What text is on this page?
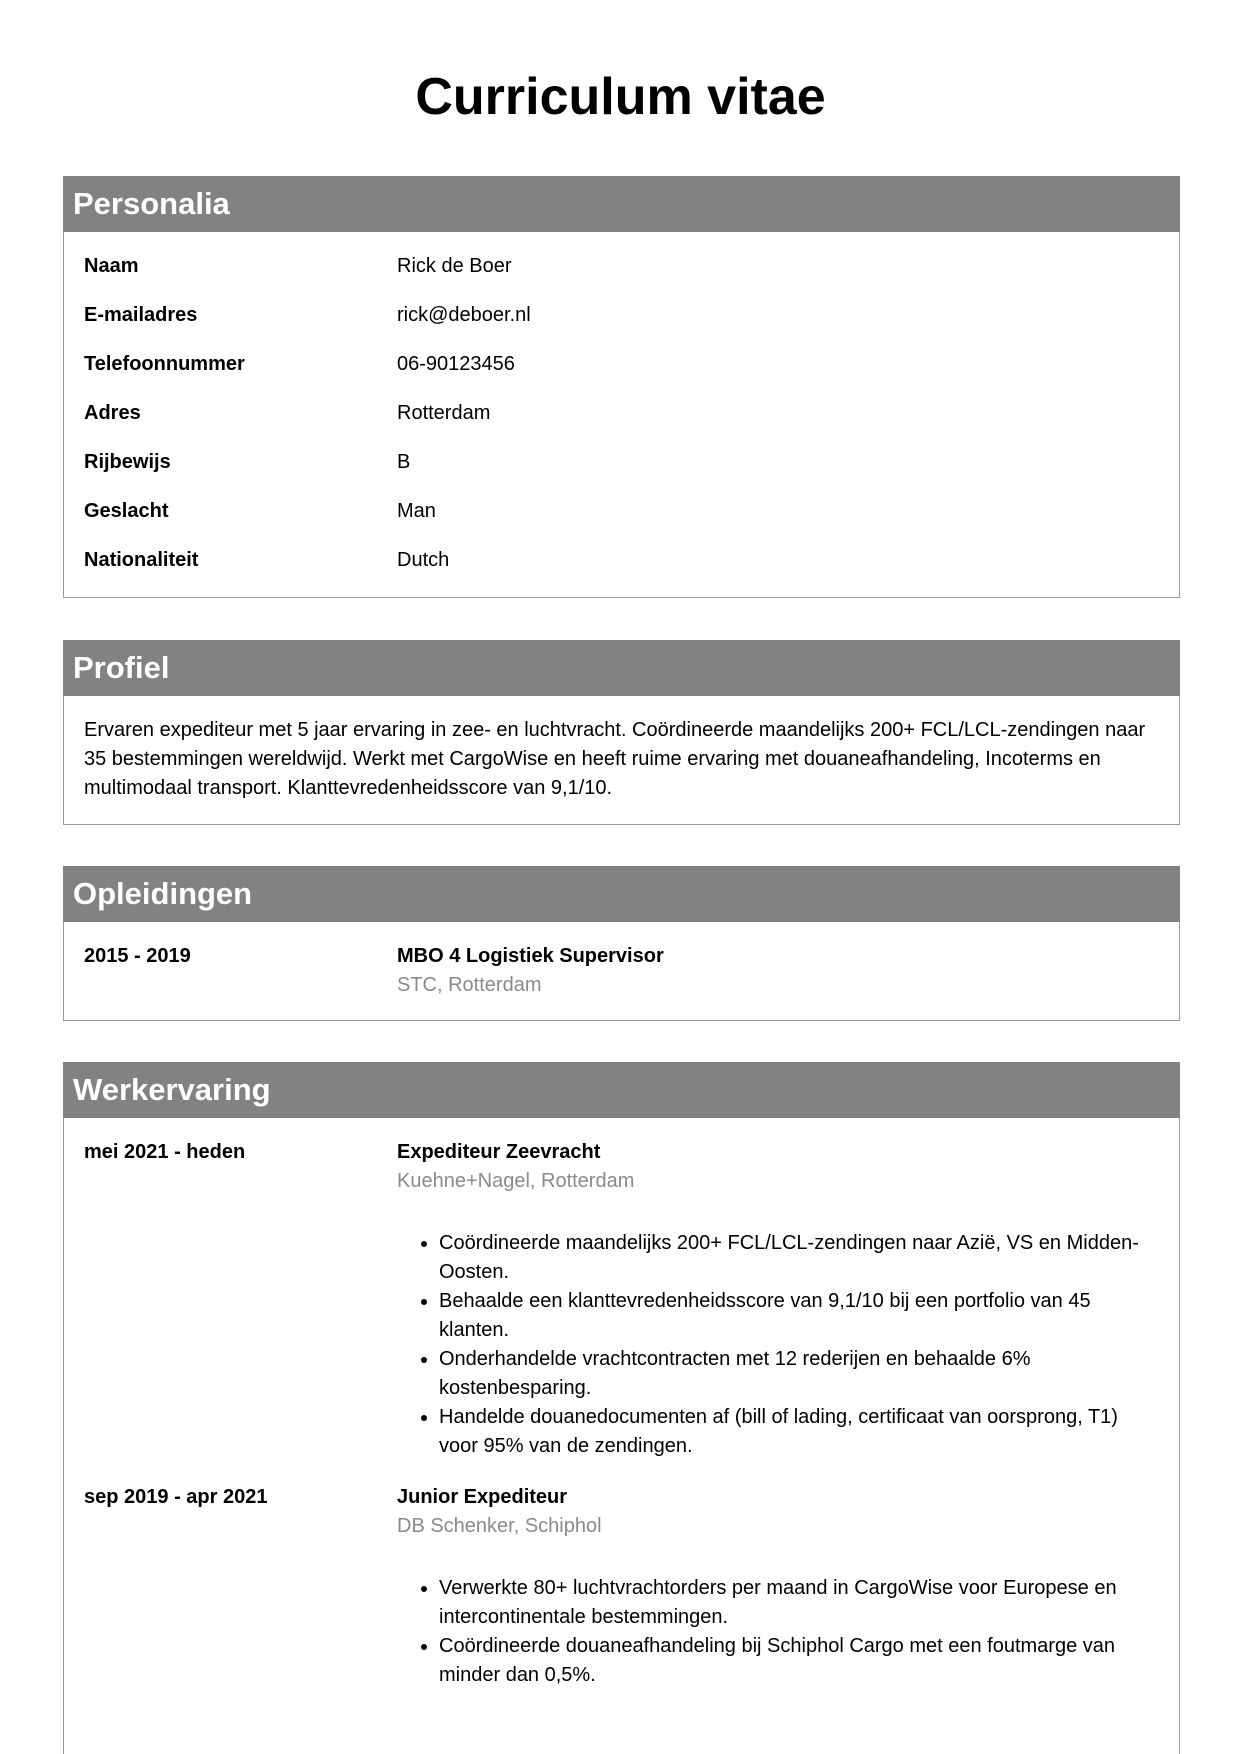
Curriculum vitae
Personalia
Naam	Rick de Boer
E-mailadres	rick@deboer.nl
Telefoonnummer	06-90123456
Adres	Rotterdam
Rijbewijs	B
Geslacht	Man
Nationaliteit	Dutch
Profiel
Ervaren expediteur met 5 jaar ervaring in zee- en luchtvracht. Coördineerde maandelijks 200+ FCL/LCL-zendingen naar 35 bestemmingen wereldwijd. Werkt met CargoWise en heeft ruime ervaring met douaneafhandeling, Incoterms en multimodaal transport. Klanttevredenheidsscore van 9,1/10.
Opleidingen
2015 - 2019	MBO 4 Logistiek Supervisor
STC, Rotterdam
Werkervaring
mei 2021 - heden	Expediteur Zeevracht
Kuehne+Nagel, Rotterdam
• Coördineerde maandelijks 200+ FCL/LCL-zendingen naar Azië, VS en Midden-Oosten.
• Behaalde een klanttevredenheidsscore van 9,1/10 bij een portfolio van 45 klanten.
• Onderhandelde vrachtcontracten met 12 rederijen en behaalde 6% kostenbesparing.
• Handelde douanedocumenten af (bill of lading, certificaat van oorsprong, T1) voor 95% van de zendingen.
sep 2019 - apr 2021	Junior Expediteur
DB Schenker, Schiphol
• Verwerkte 80+ luchtvrachtorders per maand in CargoWise voor Europese en intercontinentale bestemmingen.
• Coördineerde douaneafhandeling bij Schiphol Cargo met een foutmarge van minder dan 0,5%.
